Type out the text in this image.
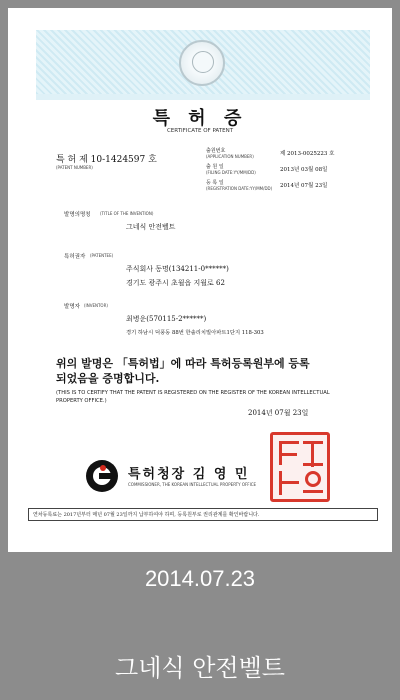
특 허 증
CERTIFICATE OF PATENT
특 허 제 10-1424597 호
(PATENT NUMBER)
출원번호
(APPLICATION NUMBER)	제 2013-0025223 호
출 원 일
(FILING DATE:YY/MM/DD)	2013년 03월 08일
등 록 일
(REGISTRATION DATE:YY/MM/DD) 2014년 07월 23일
발명의명칭 (TITLE OF THE INVENTION)
그네식 안전벨트
특허권자 (PATENTEE)
주식회사 동명(134211-0******)
경기도 광주시 초월읍 지월로 62
발명자 (INVENTOR)
최병운(570115-2******)
경기 하남시 덕풍동 88번 한솔리치빌아파트1단지 118-303
위의 발명은 「특허법」에 따라 특허등록원부에 등록
되었음을 증명합니다.
(THIS IS TO CERTIFY THAT THE PATENT IS REGISTERED ON THE REGISTER OF THE KOREAN INTELLECTUAL PROPERTY OFFICE.)
2014년 07월 23일
특허청장 김 영 민
COMMISSIONER, THE KOREAN INTELLECTUAL PROPERTY OFFICE
연차등록료는 2017년부터 매년 07월 23일까지 납부하여야 하며, 등록원부로 권리관계를 확인바랍니다.
2014.07.23
그네식 안전벨트
